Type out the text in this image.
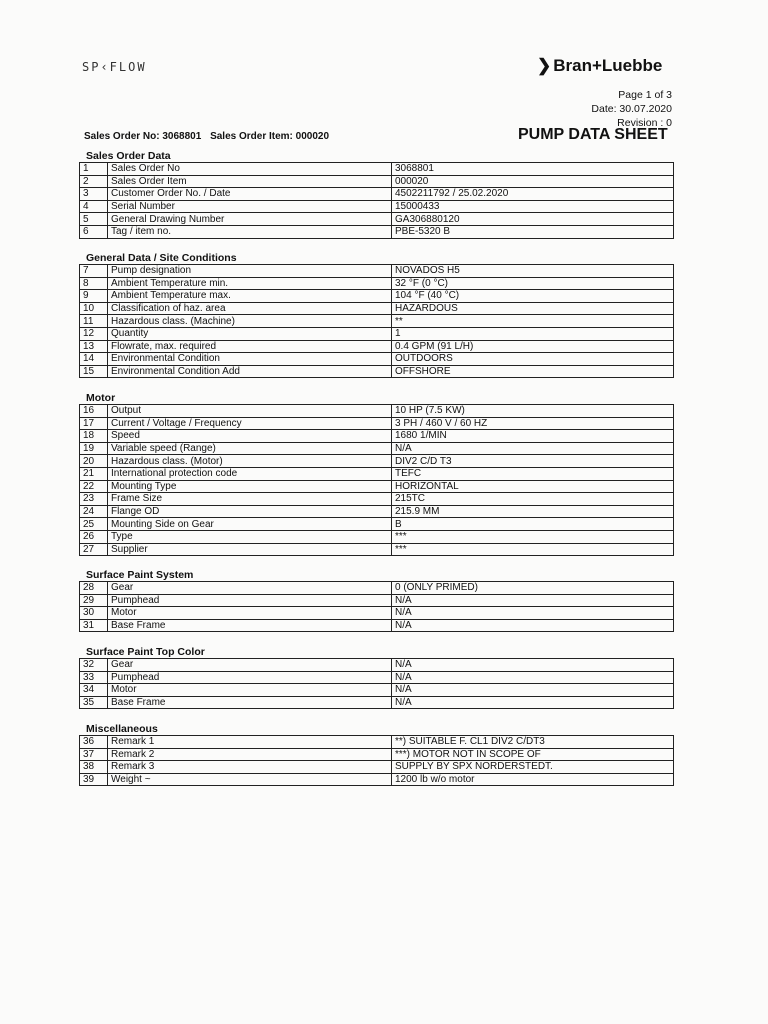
SP‹FLOW	❯ Bran+Luebbe
Page 1 of 3
Date: 30.07.2020
Revision : 0
Sales Order No: 3068801 Sales Order Item: 000020	PUMP DATA SHEET
Sales Order Data
1	Sales Order No	3068801
2	Sales Order Item	000020
3	Customer Order No. / Date	4502211792 / 25.02.2020
4	Serial Number	15000433
5	General Drawing Number	GA306880120
6	Tag / item no.	PBE-5320 B
General Data / Site Conditions
7	Pump designation	NOVADOS H5
8	Ambient Temperature min.	32 °F (0 °C)
9	Ambient Temperature max.	104 °F (40 °C)
10	Classification of haz. area	HAZARDOUS
11	Hazardous class. (Machine)	**
12	Quantity	1
13	Flowrate, max. required	0.4 GPM (91 L/H)
14	Environmental Condition	OUTDOORS
15	Environmental Condition Add	OFFSHORE
Motor
16	Output	10 HP (7.5 KW)
17	Current / Voltage / Frequency	3 PH / 460 V / 60 HZ
18	Speed	1680 1/MIN
19	Variable speed (Range)	N/A
20	Hazardous class. (Motor)	DIV2 C/D T3
21	International protection code	TEFC
22	Mounting Type	HORIZONTAL
23	Frame Size	215TC
24	Flange OD	215.9 MM
25	Mounting Side on Gear	B
26	Type	***
27	Supplier	***
Surface Paint System
28	Gear	0 (ONLY PRIMED)
29	Pumphead	N/A
30	Motor	N/A
31	Base Frame	N/A
Surface Paint Top Color
32	Gear	N/A
33	Pumphead	N/A
34	Motor	N/A
35	Base Frame	N/A
Miscellaneous
36	Remark 1	**) SUITABLE F. CL1 DIV2 C/DT3
37	Remark 2	***) MOTOR NOT IN SCOPE OF
38	Remark 3	SUPPLY BY SPX NORDERSTEDT.
39	Weight ~	1200 lb w/o motor
